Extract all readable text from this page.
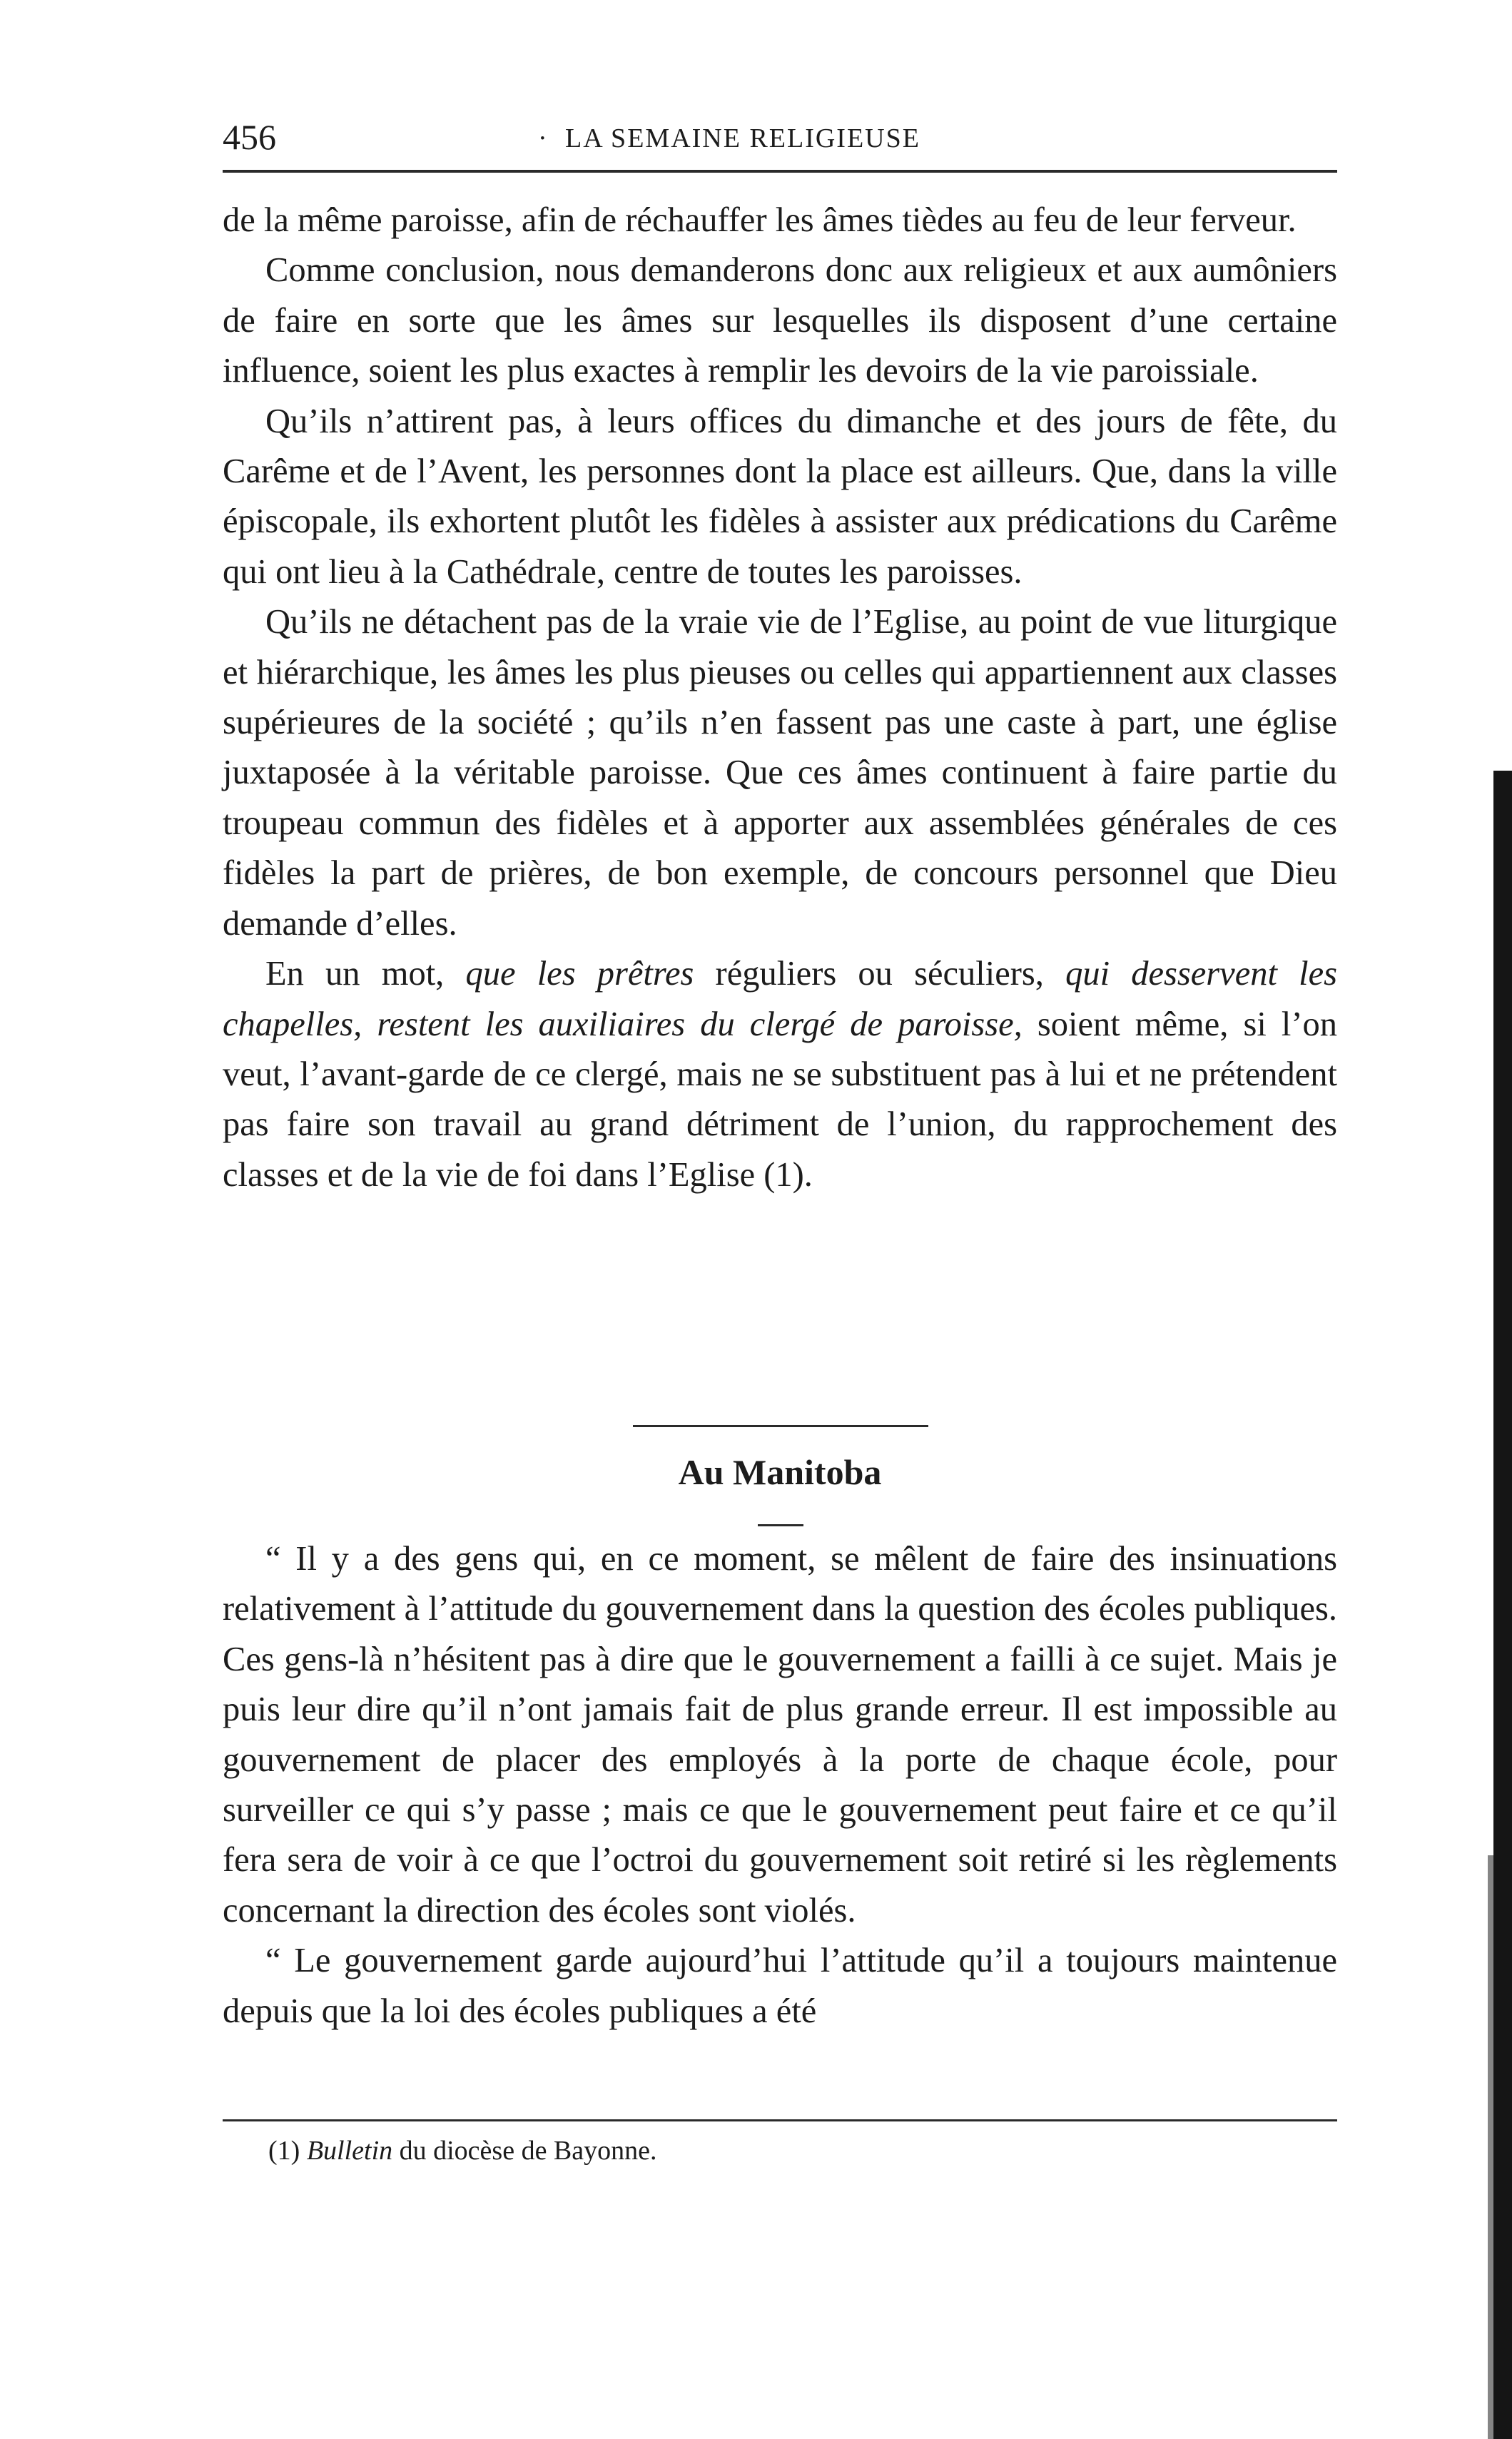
456
·	LA SEMAINE RELIGIEUSE

de la même paroisse, afin de réchauffer les âmes tièdes au feu de leur ferveur.

Comme conclusion, nous demanderons donc aux religieux et aux aumôniers de faire en sorte que les âmes sur lesquelles ils disposent d’une certaine influence, soient les plus exactes à remplir les devoirs de la vie paroissiale.

Qu’ils n’attirent pas, à leurs offices du dimanche et des jours de fête, du Carême et de l’Avent, les personnes dont la place est ailleurs. Que, dans la ville épiscopale, ils exhortent plutôt les fidèles à assister aux prédications du Carême qui ont lieu à la Cathédrale, centre de toutes les paroisses.

Qu’ils ne détachent pas de la vraie vie de l’Eglise, au point de vue liturgique et hiérarchique, les âmes les plus pieuses ou celles qui appartiennent aux classes supérieures de la société ; qu’ils n’en fassent pas une caste à part, une église juxtaposée à la véritable paroisse. Que ces âmes continuent à faire partie du troupeau commun des fidèles et à apporter aux assemblées générales de ces fidèles la part de prières, de bon exemple, de concours personnel que Dieu demande d’elles.

En un mot, que les prêtres réguliers ou séculiers, qui desservent les chapelles, restent les auxiliaires du clergé de paroisse, soient même, si l’on veut, l’avant-garde de ce clergé, mais ne se substituent pas à lui et ne prétendent pas faire son travail au grand détriment de l’union, du rapprochement des classes et de la vie de foi dans l’Eglise (1).

Au Manitoba

“ Il y a des gens qui, en ce moment, se mêlent de faire des insinuations relativement à l’attitude du gouvernement dans la question des écoles publiques. Ces gens-là n’hésitent pas à dire que le gouvernement a failli à ce sujet. Mais je puis leur dire qu’il n’ont jamais fait de plus grande erreur. Il est impossible au gouvernement de placer des employés à la porte de chaque école, pour surveiller ce qui s’y passe ; mais ce que le gouvernement peut faire et ce qu’il fera sera de voir à ce que l’octroi du gouvernement soit retiré si les règlements concernant la direction des écoles sont violés.

“ Le gouvernement garde aujourd’hui l’attitude qu’il a toujours maintenue depuis que la loi des écoles publiques a été

(1) Bulletin du diocèse de Bayonne.
